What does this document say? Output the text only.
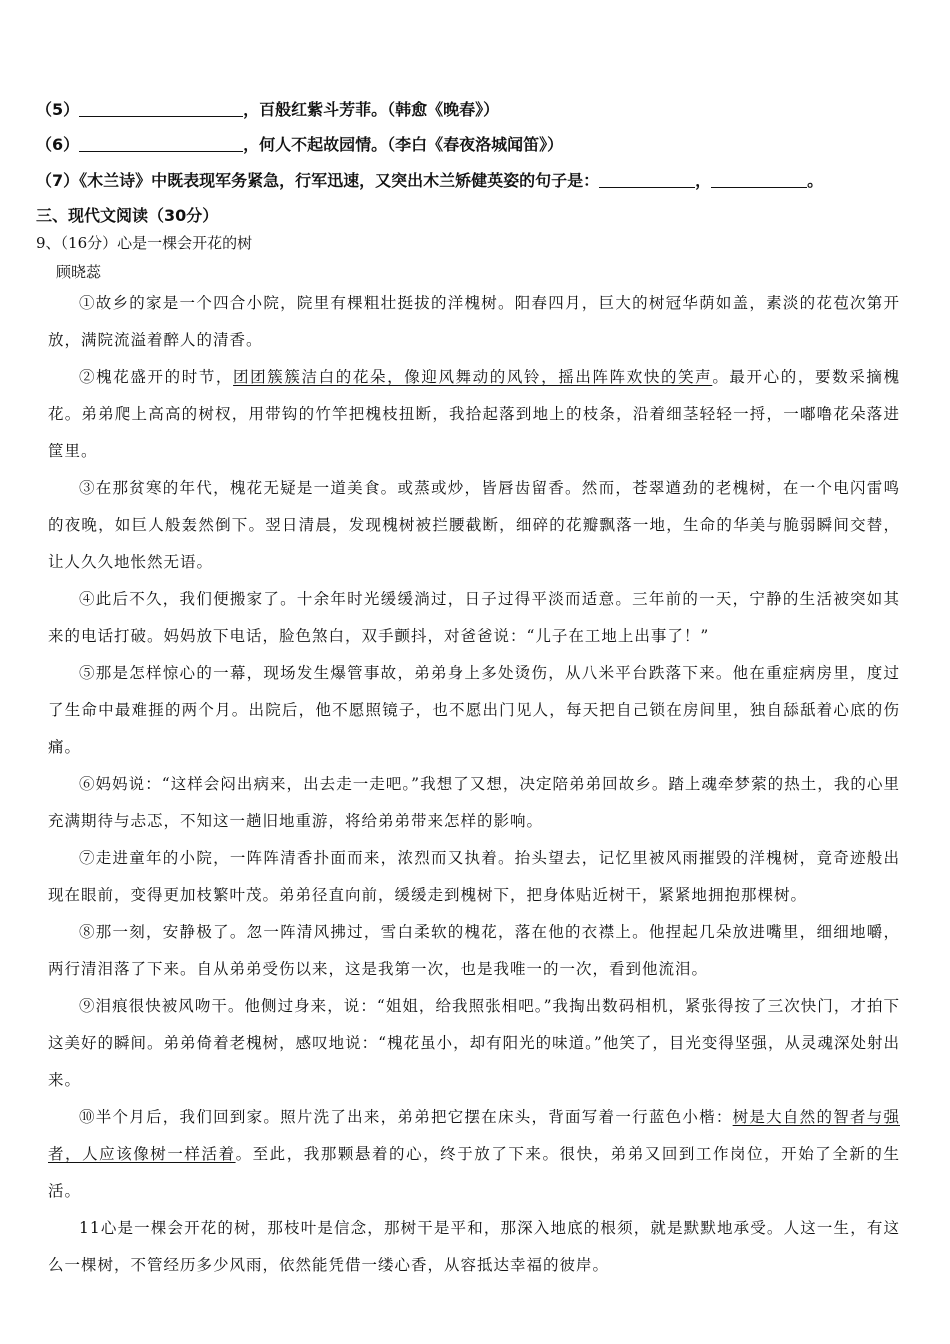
（5）	，百般红紫斗芳菲。（韩愈《晚春》）
（6）	，何人不起故园情。（李白《春夜洛城闻笛》）
（7）《木兰诗》中既表现军务紧急，行军迅速，又突出木兰矫健英姿的句子是：	，	。
三、现代文阅读（30分）
9、（16分）心是一棵会开花的树
顾晓蕊

①故乡的家是一个四合小院，院里有棵粗壮挺拔的洋槐树。阳春四月，巨大的树冠华荫如盖，素淡的花苞次第开放，满院流溢着醉人的清香。

②槐花盛开的时节，团团簇簇洁白的花朵，像迎风舞动的风铃，摇出阵阵欢快的笑声。最开心的，要数采摘槐花。弟弟爬上高高的树杈，用带钩的竹竿把槐枝扭断，我拾起落到地上的枝条，沿着细茎轻轻一捋，一嘟噜花朵落进筐里。

③在那贫寒的年代，槐花无疑是一道美食。或蒸或炒，皆唇齿留香。然而，苍翠遒劲的老槐树，在一个电闪雷鸣的夜晚，如巨人般轰然倒下。翌日清晨，发现槐树被拦腰截断，细碎的花瓣飘落一地，生命的华美与脆弱瞬间交替，让人久久地怅然无语。

④此后不久，我们便搬家了。十余年时光缓缓淌过，日子过得平淡而适意。三年前的一天，宁静的生活被突如其来的电话打破。妈妈放下电话，脸色煞白，双手颤抖，对爸爸说：“儿子在工地上出事了！”

⑤那是怎样惊心的一幕，现场发生爆管事故，弟弟身上多处烫伤，从八米平台跌落下来。他在重症病房里，度过了生命中最难捱的两个月。出院后，他不愿照镜子，也不愿出门见人，每天把自己锁在房间里，独自舔舐着心底的伤痛。

⑥妈妈说：“这样会闷出病来，出去走一走吧。”我想了又想，决定陪弟弟回故乡。踏上魂牵梦萦的热土，我的心里充满期待与忐忑，不知这一趟旧地重游，将给弟弟带来怎样的影响。

⑦走进童年的小院，一阵阵清香扑面而来，浓烈而又执着。抬头望去，记忆里被风雨摧毁的洋槐树，竟奇迹般出现在眼前，变得更加枝繁叶茂。弟弟径直向前，缓缓走到槐树下，把身体贴近树干，紧紧地拥抱那棵树。

⑧那一刻，安静极了。忽一阵清风拂过，雪白柔软的槐花，落在他的衣襟上。他捏起几朵放进嘴里，细细地嚼，两行清泪落了下来。自从弟弟受伤以来，这是我第一次，也是我唯一的一次，看到他流泪。

⑨泪痕很快被风吻干。他侧过身来，说：“姐姐，给我照张相吧。”我掏出数码相机，紧张得按了三次快门，才拍下这美好的瞬间。弟弟倚着老槐树，感叹地说：“槐花虽小，却有阳光的味道。”他笑了，目光变得坚强，从灵魂深处射出来。

⑩半个月后，我们回到家。照片洗了出来，弟弟把它摆在床头，背面写着一行蓝色小楷：树是大自然的智者与强者，人应该像树一样活着。至此，我那颗悬着的心，终于放了下来。很快，弟弟又回到工作岗位，开始了全新的生活。

11心是一棵会开花的树，那枝叶是信念，那树干是平和，那深入地底的根须，就是默默地承受。人这一生，有这么一棵树，不管经历多少风雨，依然能凭借一缕心香，从容抵达幸福的彼岸。
